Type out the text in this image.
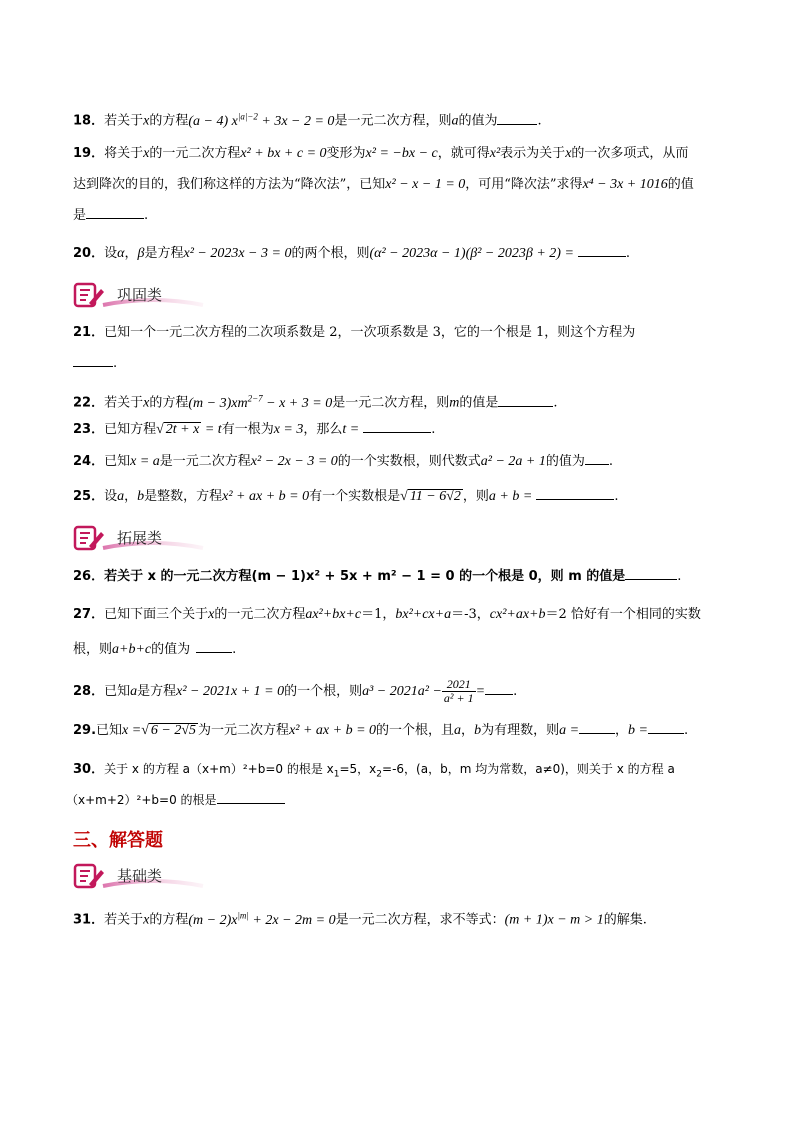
18．若关于x的方程(a − 4) $x^{|a|-2} + 3x - 2 = 0$是一元二次方程，则a的值为	.
19．将关于x的一元二次方程x² + bx + c = 0变形为x² = −bx − c，就可得x²表示为关于x的一次多项式，从而
达到降次的目的，我们称这样的方法为“降次法”，已知x² − x − 1 = 0，可用“降次法”求得x⁴ − 3x + 1016的值
是	.
20．设α，β是方程x² − 2023x − 3 = 0的两个根，则(α² − 2023α − 1)(β² − 2023β + 2) =	.
巩固类
21．已知一个一元二次方程的二次项系数是 2，一次项系数是 3，它的一个根是 1，则这个方程为
.
22．若关于x的方程$(m - 3)xm^{2-7} - x + 3 = 0$是一元二次方程，则m的值是	.
23．已知方程√ 2t + x = t有一根为x = 3，那么t =	.
24．已知x = a是一元二次方程x² − 2x − 3 = 0的一个实数根，则代数式a² − 2a + 1的值为 .
25．设a，b是整数，方程x² + ax + b = 0有一个实数根是√ 11 − 6√2 ，则a + b =	.
拓展类
26．若关于 x 的一元二次方程(m − 1)x² + 5x + m² − 1 = 0 的一个根是 0，则 m 的值是	.
27．已知下面三个关于x的一元二次方程ax²+bx+c＝1，bx²+cx+a＝-3，cx²+ax+b＝2 恰好有一个相同的实数
根，则a+b+c的值为	.
28．已知a是方程x² − 2021x + 1 = 0的一个根，则$a^3 - 2021a^2 - \frac{2021}{\text{a² + 1}}$ = .
29.已知x =√ 6 − 2√5 为一元二次方程x² + ax + b = 0的一个根，且a，b为有理数，则a =	，b =	.
30．关于 x 的方程 a（x+m）²+b=0 的根是 $x_1=5$，$x_2=-6$，(a，b，m 均为常数，a≠0)，则关于 x 的方程 a
（x+m+2）²+b=0 的根是
三、解答题
基础类
31．若关于x的方程$(m - 2)x^{|m|} + 2x - 2m = 0$是一元二次方程，求不等式：(m + 1)x − m > 1的解集.
